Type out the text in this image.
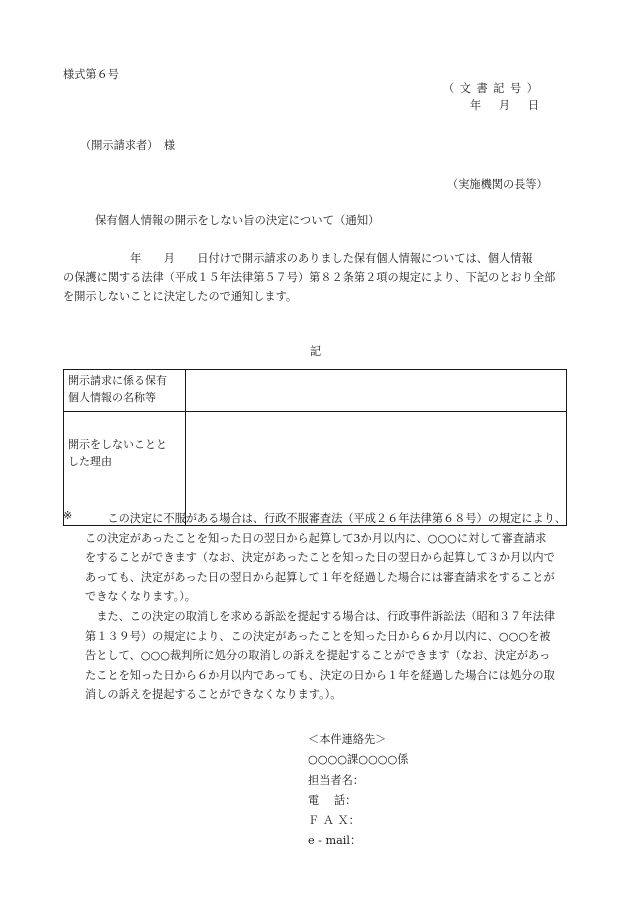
様式第６号
（ 文 書 記 号 ）
年　 月　 日
（開示請求者）　様
（実施機関の長等）
保有個人情報の開示をしない旨の決定について（通知）
　　　　　　年　　月　　日付けで開示請求のありました保有個人情報については、個人情報
の保護に関する法律（平成１５年法律第５７号）第８２条第２項の規定により、下記のとおり全部
を開示しないことに決定したので通知します。
記
開示請求に係る保有
個人情報の名称等	

開示をしないことと
した理由	

※ 　　この決定に不服がある場合は、行政不服審査法（平成２６年法律第６８号）の規定により、
この決定があったことを知った日の翌日から起算して3か月以内に、○○○に対して審査請求
をすることができます（なお、決定があったことを知った日の翌日から起算して３か月以内で
あっても、決定があった日の翌日から起算して１年を経過した場合には審査請求をすることが
できなくなります。）。
　また、この決定の取消しを求める訴訟を提起する場合は、行政事件訴訟法（昭和３７年法律
第１３９号）の規定により、この決定があったことを知った日から６か月以内に、○○○を被
告として、○○○裁判所に処分の取消しの訴えを提起することができます（なお、決定があっ
たことを知った日から６か月以内であっても、決定の日から１年を経過した場合には処分の取
消しの訴えを提起することができなくなります。）。
＜本件連絡先＞
○○○○課○○○○係
担当者名：
電　 話：
Ｆ Ａ Ｘ：
e - mail：
